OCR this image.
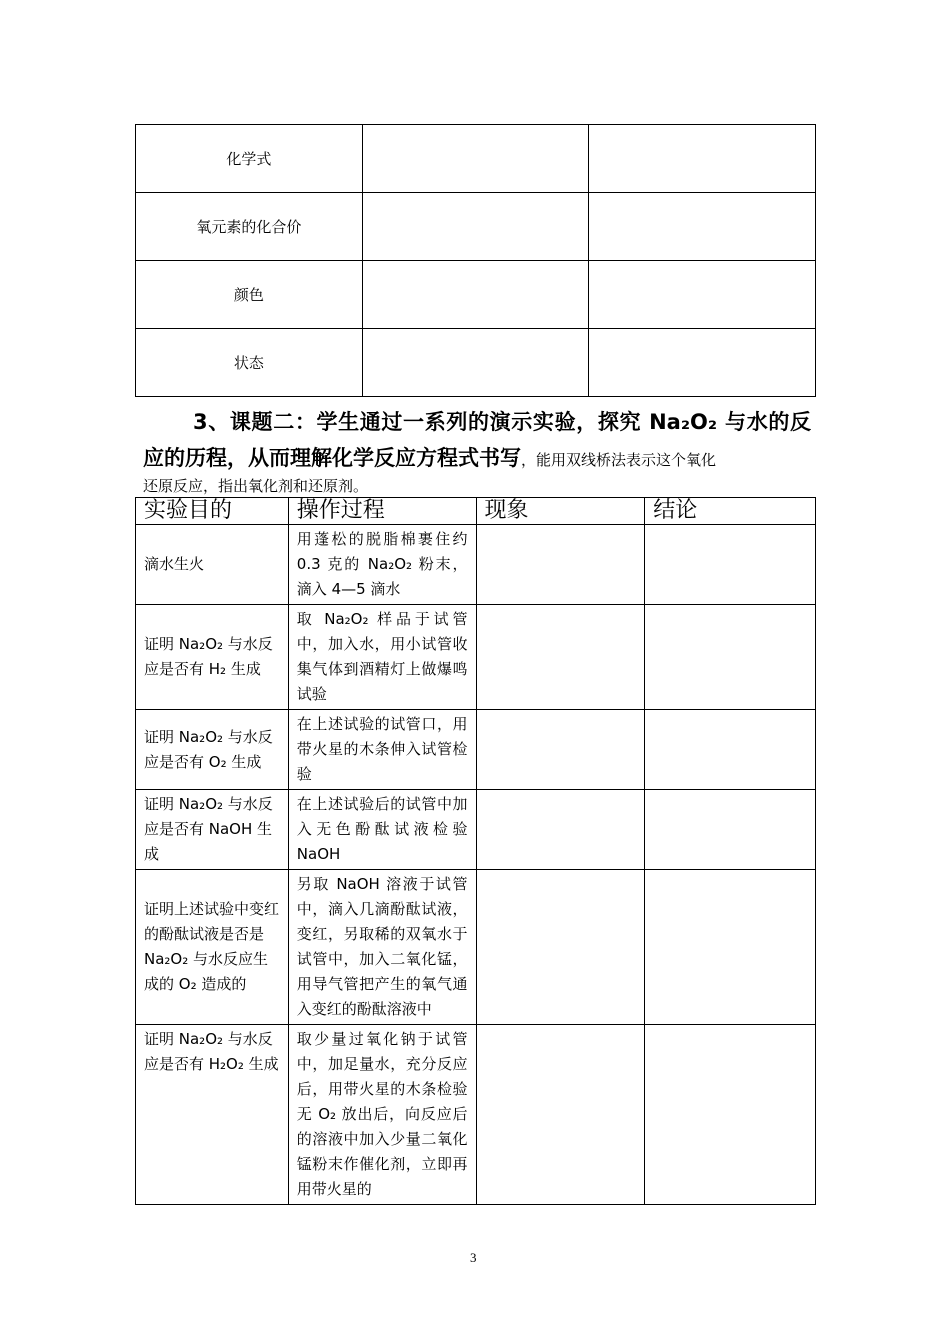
化学式		
氧元素的化合价		
颜色		
状态		
3、课题二：学生通过一系列的演示实验，探究 Na₂O₂ 与水的反应的历程，从而理解化学反应方程式书写，能用双线桥法表示这个氧化
还原反应，指出氧化剂和还原剂。
实验目的	操作过程	现象	结论
滴水生火	用蓬松的脱脂棉裹住约 0.3 克的 Na₂O₂ 粉末，滴入 4—5 滴水		
证明 Na₂O₂ 与水反应是否有 H₂ 生成	取 Na₂O₂ 样品于试管中，加入水，用小试管收集气体到酒精灯上做爆鸣试验		
证明 Na₂O₂ 与水反应是否有 O₂ 生成	在上述试验的试管口，用带火星的木条伸入试管检验		
证明 Na₂O₂ 与水反应是否有 NaOH 生成	在上述试验后的试管中加入无色酚酞试液检验 NaOH		
证明上述试验中变红的酚酞试液是否是 Na₂O₂ 与水反应生成的 O₂ 造成的	另取 NaOH 溶液于试管中，滴入几滴酚酞试液，变红，另取稀的双氧水于试管中，加入二氧化锰，用导气管把产生的氧气通入变红的酚酞溶液中		
证明 Na₂O₂ 与水反应是否有 H₂O₂ 生成	取少量过氧化钠于试管中，加足量水，充分反应后，用带火星的木条检验无 O₂ 放出后，向反应后的溶液中加入少量二氧化锰粉末作催化剂，立即再用带火星的		
3
